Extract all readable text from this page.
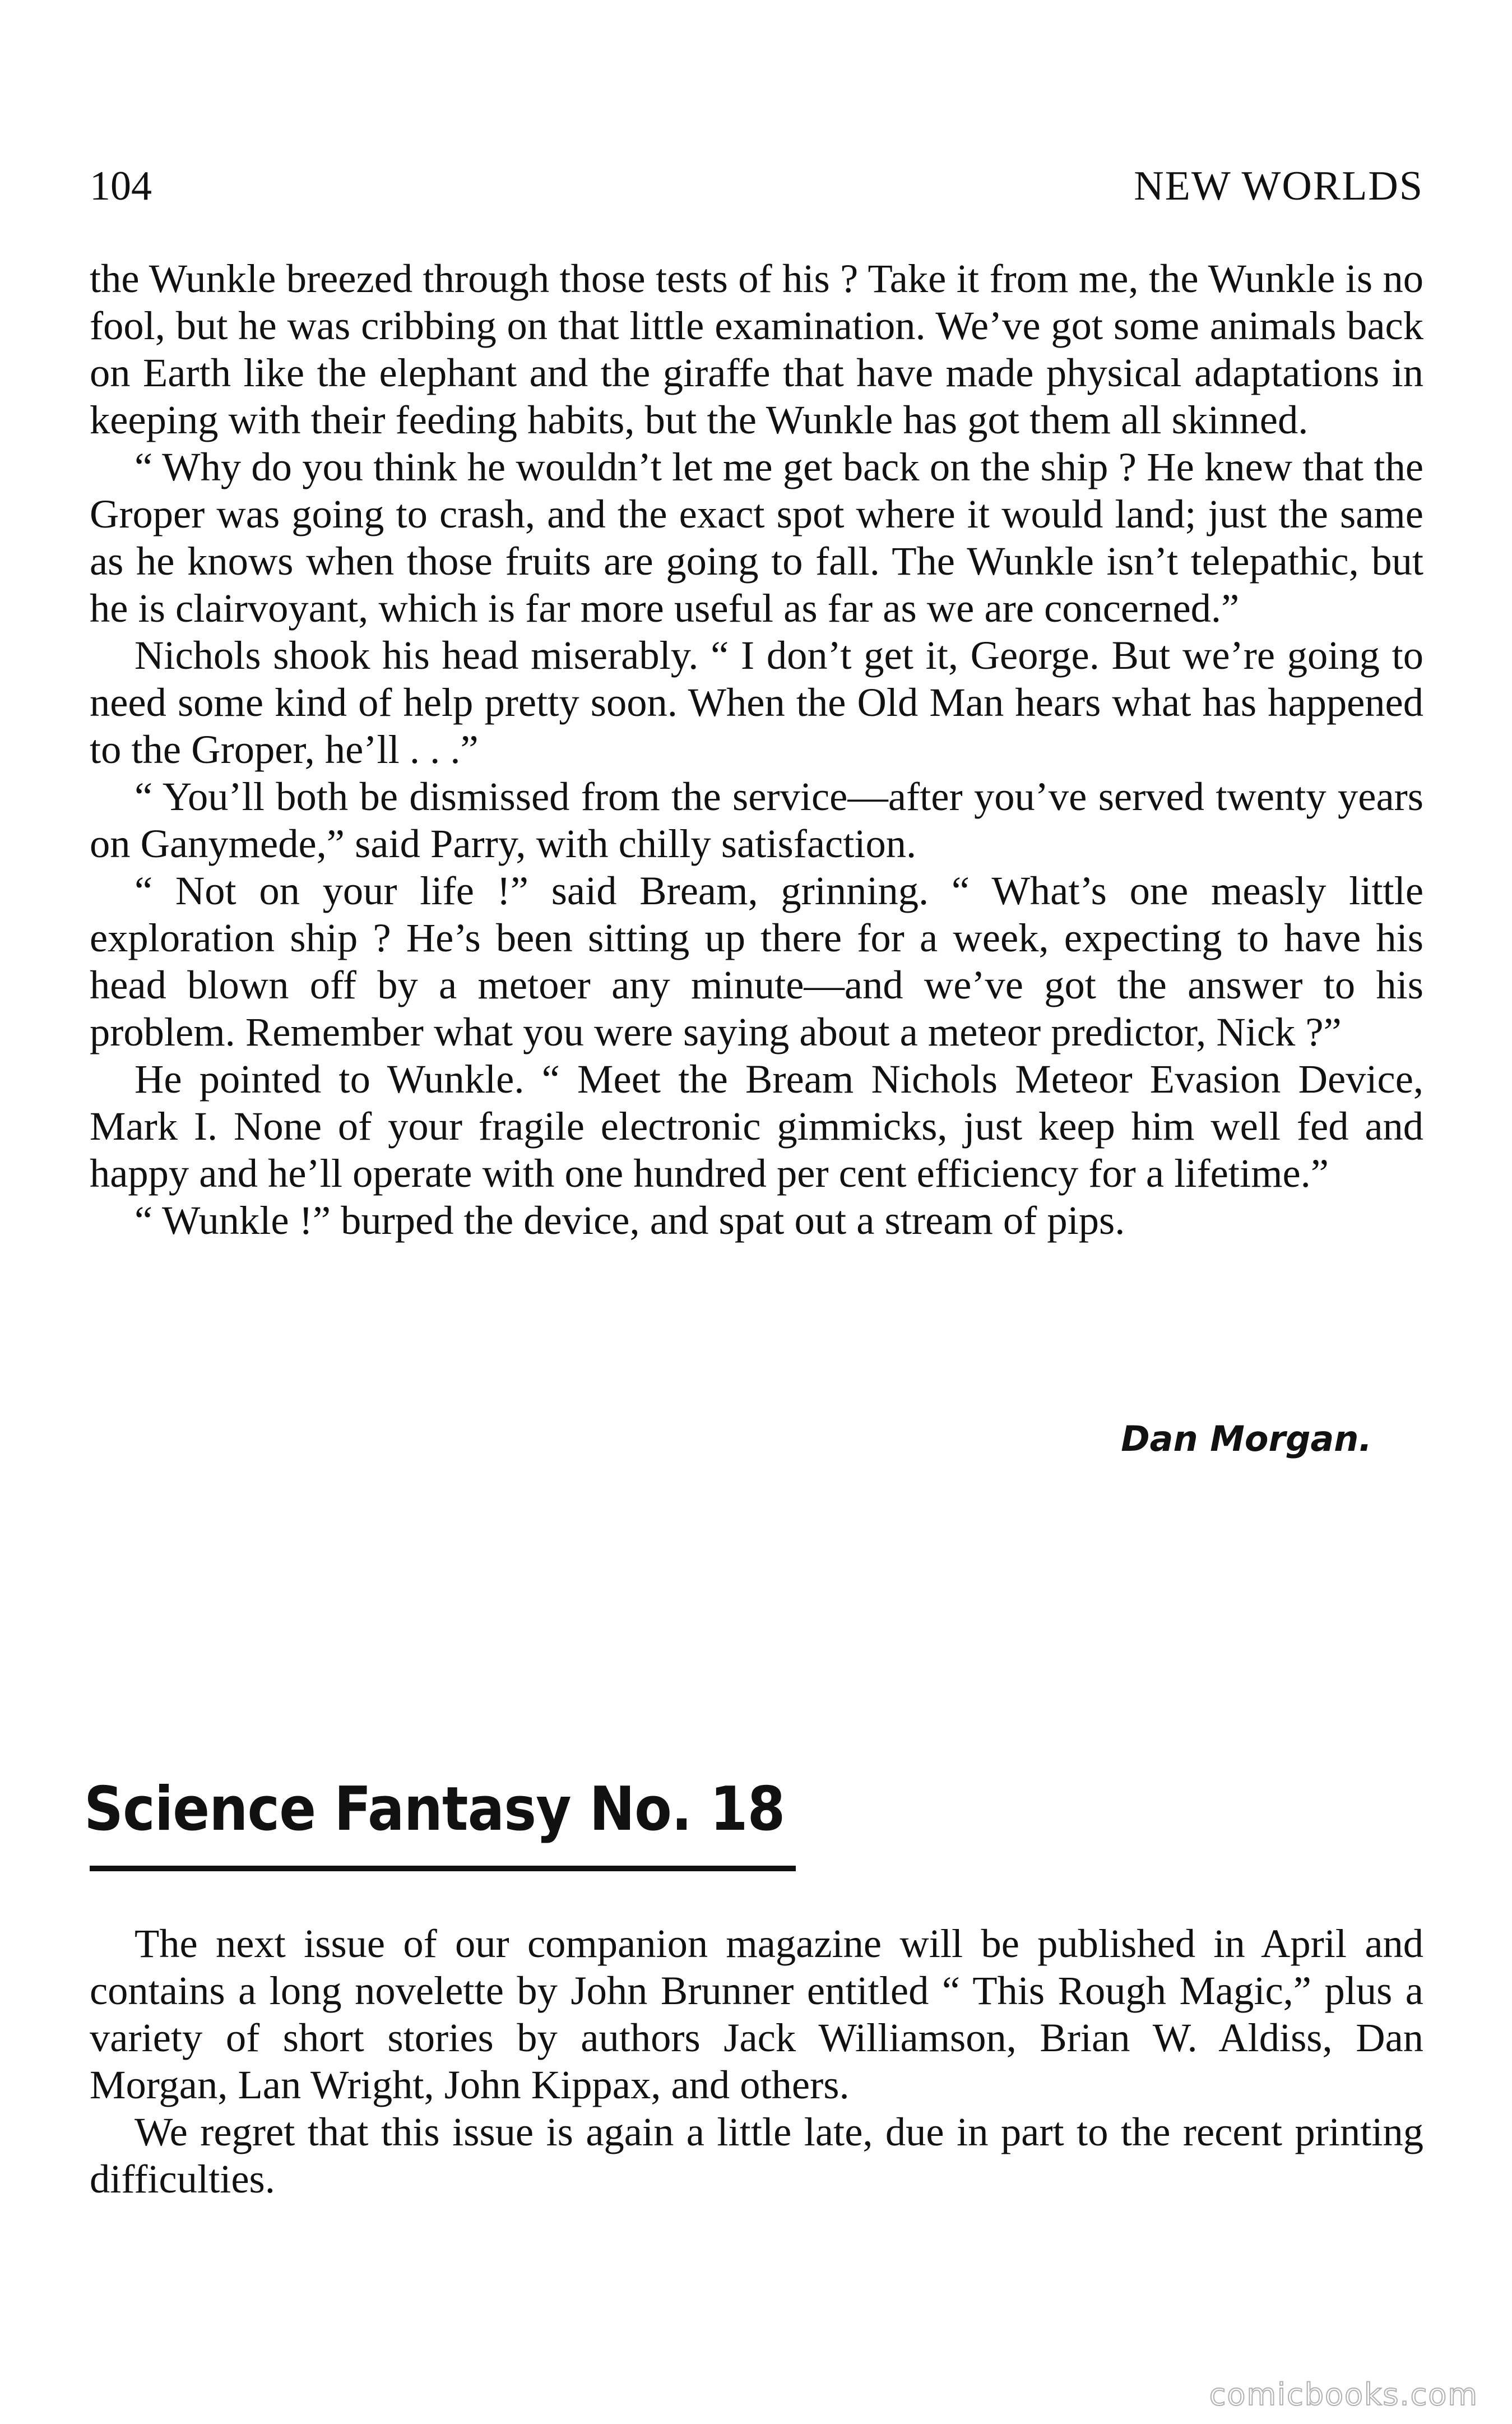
104	NEW WORLDS

the Wunkle breezed through those tests of his ? Take it from me, the Wunkle is no fool, but he was cribbing on that little examination. We’ve got some animals back on Earth like the elephant and the giraffe that have made physical adaptations in keeping with their feeding habits, but the Wunkle has got them all skinned.

“ Why do you think he wouldn’t let me get back on the ship ? He knew that the Groper was going to crash, and the exact spot where it would land; just the same as he knows when those fruits are going to fall. The Wunkle isn’t telepathic, but he is clairvoyant, which is far more useful as far as we are concerned.”

Nichols shook his head miserably. “ I don’t get it, George. But we’re going to need some kind of help pretty soon. When the Old Man hears what has happened to the Groper, he’ll . . .”

“ You’ll both be dismissed from the service—after you’ve served twenty years on Ganymede,” said Parry, with chilly satisfaction.

“ Not on your life !” said Bream, grinning. “ What’s one measly little exploration ship ? He’s been sitting up there for a week, expecting to have his head blown off by a metoer any minute—and we’ve got the answer to his problem. Remember what you were saying about a meteor predictor, Nick ?”

He pointed to Wunkle. “ Meet the Bream Nichols Meteor Evasion Device, Mark I. None of your fragile electronic gimmicks, just keep him well fed and happy and he’ll operate with one hundred per cent efficiency for a lifetime.”

“ Wunkle !” burped the device, and spat out a stream of pips.

Dan Morgan.
Science Fantasy No. 18

The next issue of our companion magazine will be published in April and contains a long novelette by John Brunner entitled “ This Rough Magic,” plus a variety of short stories by authors Jack Williamson, Brian W. Aldiss, Dan Morgan, Lan Wright, John Kippax, and others.

We regret that this issue is again a little late, due in part to the recent printing difficulties.

comicbooks.com
